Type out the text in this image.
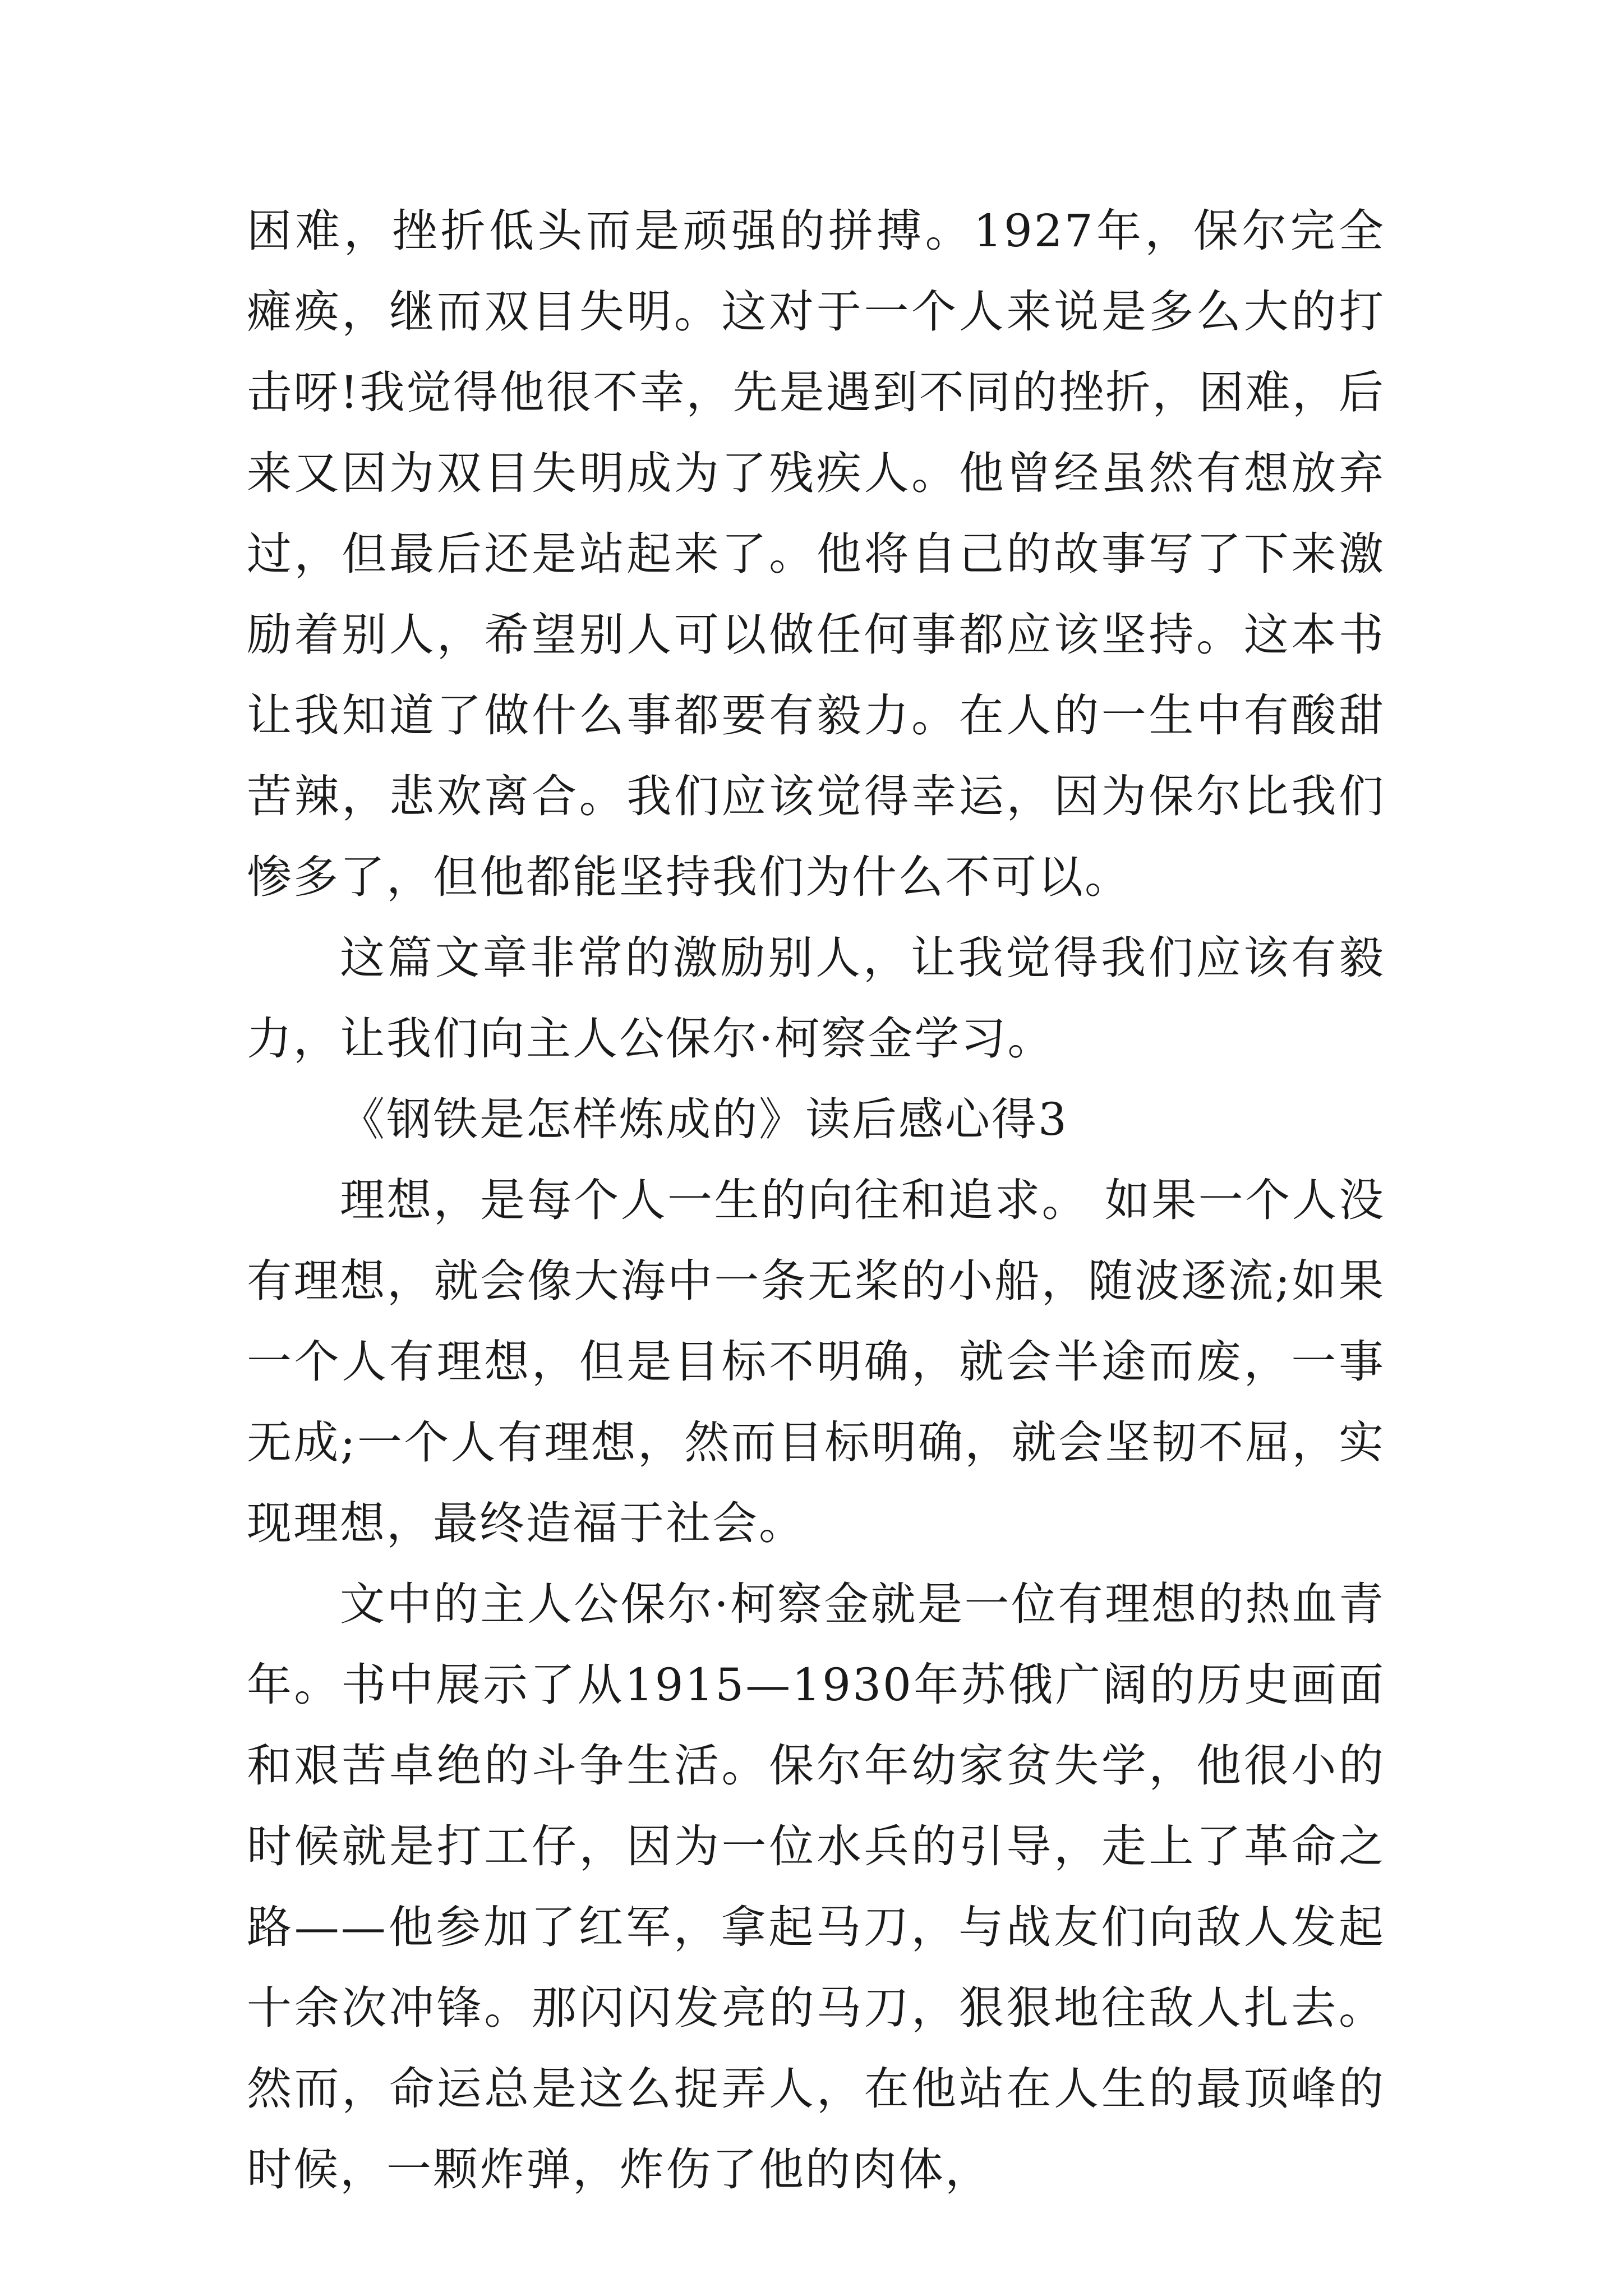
困难，挫折低头而是顽强的拼搏。1927年，保尔完全瘫痪，继而双目失明。这对于一个人来说是多么大的打击呀!我觉得他很不幸，先是遇到不同的挫折，困难，后来又因为双目失明成为了残疾人。他曾经虽然有想放弃过，但最后还是站起来了。他将自己的故事写了下来激励着别人，希望别人可以做任何事都应该坚持。这本书让我知道了做什么事都要有毅力。在人的一生中有酸甜苦辣，悲欢离合。我们应该觉得幸运，因为保尔比我们惨多了，但他都能坚持我们为什么不可以。

这篇文章非常的激励别人，让我觉得我们应该有毅力，让我们向主人公保尔·柯察金学习。

《钢铁是怎样炼成的》读后感心得3

理想，是每个人一生的向往和追求。 如果一个人没有理想，就会像大海中一条无桨的小船，随波逐流;如果一个人有理想，但是目标不明确，就会半途而废，一事无成;一个人有理想，然而目标明确，就会坚韧不屈，实现理想，最终造福于社会。

文中的主人公保尔·柯察金就是一位有理想的热血青年。书中展示了从1915—1930年苏俄广阔的历史画面和艰苦卓绝的斗争生活。保尔年幼家贫失学，他很小的时候就是打工仔，因为一位水兵的引导，走上了革命之路——他参加了红军，拿起马刀，与战友们向敌人发起十余次冲锋。那闪闪发亮的马刀，狠狠地往敌人扎去。然而，命运总是这么捉弄人，在他站在人生的最顶峰的时候，一颗炸弹，炸伤了他的肉体，
